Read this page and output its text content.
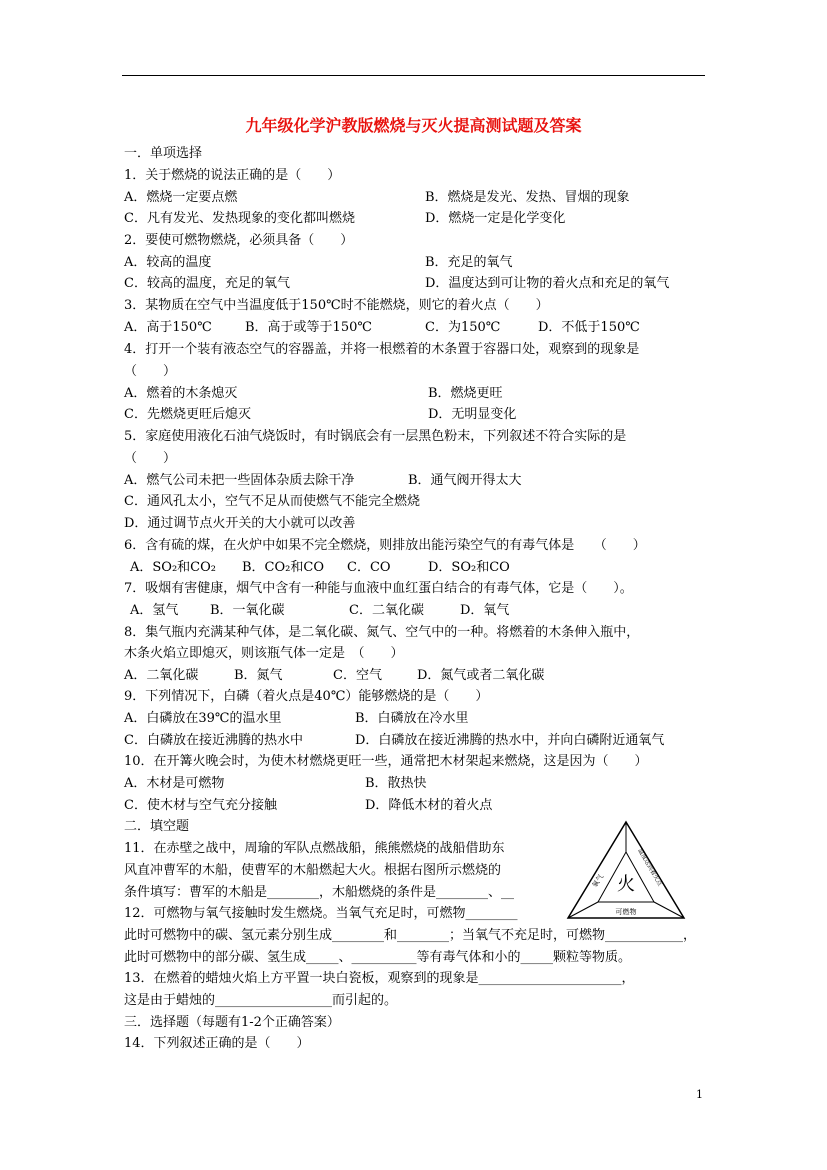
九年级化学沪教版燃烧与灭火提高测试题及答案
一．单项选择
1．关于燃烧的说法正确的是（　　）
A．燃烧一定要点燃	B．燃烧是发光、发热、冒烟的现象
C．凡有发光、发热现象的变化都叫燃烧	D．燃烧一定是化学变化
2．要使可燃物燃烧，必须具备（　　）
A．较高的温度	B．充足的氧气
C．较高的温度，充足的氧气	D．温度达到可让物的着火点和充足的氧气
3．某物质在空气中当温度低于150℃时不能燃烧，则它的着火点（　　）
A．高于150℃	B．高于或等于150℃	C．为150℃	D．不低于150℃
4．打开一个装有液态空气的容器盖，并将一根燃着的木条置于容器口处，观察到的现象是
（　　）
A．燃着的木条熄灭	B．燃烧更旺
C．先燃烧更旺后熄灭	D．无明显变化
5．家庭使用液化石油气烧饭时，有时锅底会有一层黑色粉末，下列叙述不符合实际的是
（　　）
A．燃气公司未把一些固体杂质去除干净	B．通气阀开得太大
C．通风孔太小，空气不足从而使燃气不能完全燃烧
D．通过调节点火开关的大小就可以改善
6．含有硫的煤，在火炉中如果不完全燃烧，则排放出能污染空气的有毒气体是　　（　　）
A．SO₂和CO₂ B．CO₂和CO C．CO	D．SO₂和CO
7．吸烟有害健康，烟气中含有一种能与血液中血红蛋白结合的有毒气体，它是（　　）。
A．氢气 B．一氧化碳	C．二氧化碳	D．氧气
8．集气瓶内充满某种气体，是二氧化碳、氮气、空气中的一种。将燃着的木条伸入瓶中，
木条火焰立即熄灭，则该瓶气体一定是　（　　）
A．二氧化碳	B．氮气	C．空气	D．氮气或者二氧化碳
9．下列情况下，白磷（着火点是40℃）能够燃烧的是（　　）
A．白磷放在39℃的温水里	B．白磷放在冷水里
C．白磷放在接近沸腾的热水中	D．白磷放在接近沸腾的热水中，并向白磷附近通氧气
10．在开篝火晚会时，为使木材燃烧更旺一些，通常把木材架起来燃烧，这是因为（　　）
A．木材是可燃物	B．散热快
C．使木材与空气充分接触	D．降低木材的着火点
二．填空题
11．在赤壁之战中，周瑜的军队点燃战船，熊熊燃烧的战船借助东
风直冲曹军的木船，使曹军的木船燃起大火。根据右图所示燃烧的
条件填写：曹军的木船是________，木船燃烧的条件是________、__
12．可燃物与氧气接触时发生燃烧。当氧气充足时，可燃物________
此时可燃物中的碳、氢元素分别生成________和________；当氧气不充足时，可燃物____________，
此时可燃物中的部分碳、氢生成_____、__________等有毒气体和小的_____颗粒等物质。
13．在燃着的蜡烛火焰上方平置一块白瓷板，观察到的现象是______________________，
这是由于蜡烛的__________________而引起的。
三．选择题（每题有1-2个正确答案）
14．下列叙述正确的是（　　）
火
氧气	温度达到着火点
可燃物
1
